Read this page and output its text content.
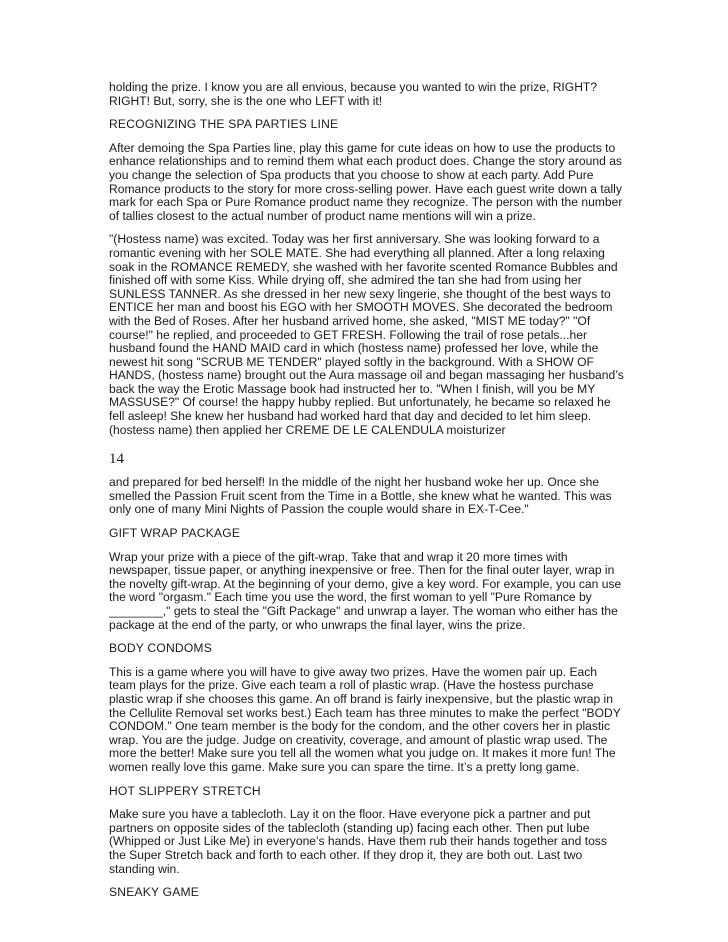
holding the prize. I know you are all envious, because you wanted to win the prize, RIGHT? RIGHT! But, sorry, she is the one who LEFT with it!

RECOGNIZING THE SPA PARTIES LINE

After demoing the Spa Parties line, play this game for cute ideas on how to use the products to enhance relationships and to remind them what each product does. Change the story around as you change the selection of Spa products that you choose to show at each party. Add Pure Romance products to the story for more cross-selling power. Have each guest write down a tally mark for each Spa or Pure Romance product name they recognize. The person with the number of tallies closest to the actual number of product name mentions will win a prize.

"(Hostess name) was excited. Today was her first anniversary. She was looking forward to a romantic evening with her SOLE MATE. She had everything all planned. After a long relaxing soak in the ROMANCE REMEDY, she washed with her favorite scented Romance Bubbles and finished off with some Kiss. While drying off, she admired the tan she had from using her SUNLESS TANNER. As she dressed in her new sexy lingerie, she thought of the best ways to ENTICE her man and boost his EGO with her SMOOTH MOVES. She decorated the bedroom with the Bed of Roses. After her husband arrived home, she asked, "MIST ME today?" "Of course!" he replied, and proceeded to GET FRESH. Following the trail of rose petals...her husband found the HAND MAID card in which (hostess name) professed her love, while the newest hit song "SCRUB ME TENDER" played softly in the background. With a SHOW OF HANDS, (hostess name) brought out the Aura massage oil and began massaging her husband’s back the way the Erotic Massage book had instructed her to. "When I finish, will you be MY MASSUSE?" Of course! the happy hubby replied. But unfortunately, he became so relaxed he fell asleep! She knew her husband had worked hard that day and decided to let him sleep. (hostess name) then applied her CREME DE LE CALENDULA moisturizer

14

and prepared for bed herself! In the middle of the night her husband woke her up. Once she smelled the Passion Fruit scent from the Time in a Bottle, she knew what he wanted. This was only one of many Mini Nights of Passion the couple would share in EX-T-Cee."

GIFT WRAP PACKAGE

Wrap your prize with a piece of the gift-wrap. Take that and wrap it 20 more times with newspaper, tissue paper, or anything inexpensive or free. Then for the final outer layer, wrap in the novelty gift-wrap. At the beginning of your demo, give a key word. For example, you can use the word "orgasm." Each time you use the word, the first woman to yell "Pure Romance by ________," gets to steal the "Gift Package" and unwrap a layer. The woman who either has the package at the end of the party, or who unwraps the final layer, wins the prize.

BODY CONDOMS

This is a game where you will have to give away two prizes. Have the women pair up. Each team plays for the prize. Give each team a roll of plastic wrap. (Have the hostess purchase plastic wrap if she chooses this game. An off brand is fairly inexpensive, but the plastic wrap in the Cellulite Removal set works best.) Each team has three minutes to make the perfect "BODY CONDOM." One team member is the body for the condom, and the other covers her in plastic wrap. You are the judge. Judge on creativity, coverage, and amount of plastic wrap used. The more the better! Make sure you tell all the women what you judge on. It makes it more fun! The women really love this game. Make sure you can spare the time. It’s a pretty long game.

HOT SLIPPERY STRETCH

Make sure you have a tablecloth. Lay it on the floor. Have everyone pick a partner and put partners on opposite sides of the tablecloth (standing up) facing each other. Then put lube (Whipped or Just Like Me) in everyone’s hands. Have them rub their hands together and toss the Super Stretch back and forth to each other. If they drop it, they are both out. Last two standing win.

SNEAKY GAME
